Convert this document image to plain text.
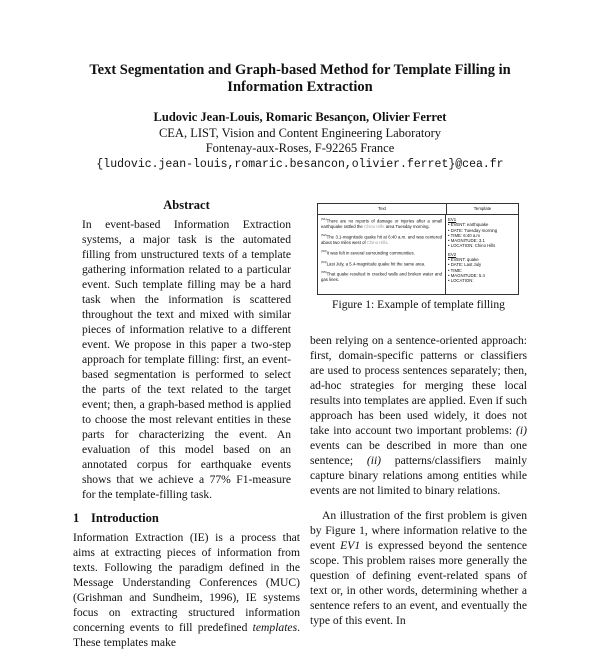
Text Segmentation and Graph-based Method for Template Filling in
Information Extraction
Ludovic Jean-Louis, Romaric Besançon, Olivier Ferret
CEA, LIST, Vision and Content Engineering Laboratory
Fontenay-aux-Roses, F-92265 France
{ludovic.jean-louis,romaric.besancon,olivier.ferret}@cea.fr
Abstract
In event-based Information Extraction systems, a major task is the automated filling from unstructured texts of a template gathering information related to a particular event. Such template filling may be a hard task when the information is scattered throughout the text and mixed with similar pieces of information relative to a different event. We propose in this paper a two-step approach for template filling: first, an event-based segmentation is performed to select the parts of the text related to the target event; then, a graph-based method is applied to choose the most relevant entities in these parts for characterizing the event. An evaluation of this model based on an annotated corpus for earthquake events shows that we achieve a 77% F1-measure for the template-filling task.
1 Introduction

Information Extraction (IE) is a process that aims at extracting pieces of information from texts. Following the paradigm defined in the Message Understanding Conferences (MUC) (Grishman and Sundheim, 1996), IE systems focus on extracting structured information concerning events to fill predefined templates. These templates make

Text	Template
$^{(S1)}$There are no reports of damage or injuries after a small earthquake rattled the Chino Hills area Tuesday morning.
$^{(S2)}$The 3.1-magnitude quake hit at 6:40 a.m. and was centered about two miles west of Chino Hills.
$^{(S3)}$It was felt in several surrounding communities.
$^{(S4)}$Last July, a 5.4-magnitude quake hit the same area.
$^{(S5)}$That quake resulted in cracked walls and broken water and gas lines.
EV1
• EVENT: earthquake
• DATE: Tuesday morning
• TIME: 6:40 a.m
• MAGNITUDE: 3.1
• LOCATION: Chino Hills
EV2
• EVENT: quake
• DATE: Last July
• TIME:
• MAGNITUDE: 5.4
• LOCATION:
Figure 1: Example of template filling

been relying on a sentence-oriented approach: first, domain-specific patterns or classifiers are used to process sentences separately; then, ad-hoc strategies for merging these local results into templates are applied. Even if such approach has been used widely, it does not take into account two important problems: (i) events can be described in more than one sentence; (ii) patterns/classifiers mainly capture binary relations among entities while events are not limited to binary relations.

An illustration of the first problem is given by Figure 1, where information relative to the event EV1 is expressed beyond the sentence scope. This problem raises more generally the question of defining event-related spans of text or, in other words, determining whether a sentence refers to an event, and eventually the type of this event. In
